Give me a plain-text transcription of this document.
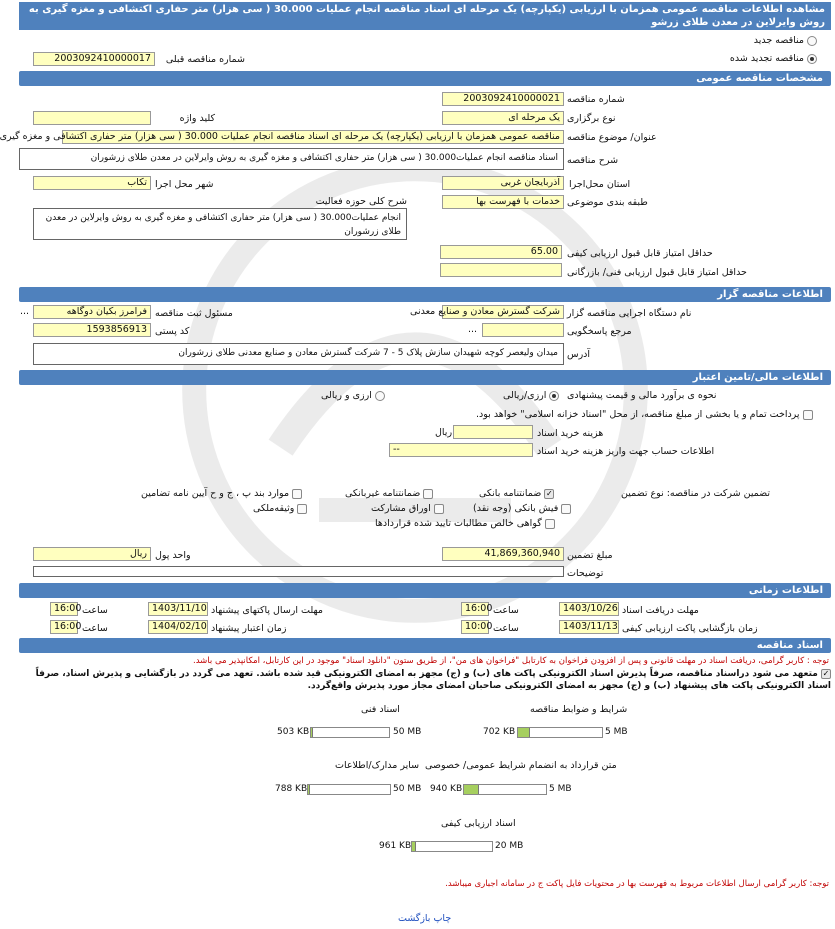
مشاهده اطلاعات مناقصه عمومی همزمان با ارزیابی (یکپارچه) یک مرحله ای اسناد مناقصه انجام عملیات 30.000 ( سی هزار) متر حفاری اکتشافی و مغزه گیری به روش وایرلاین در معدن طلای زرشو
مناقصه جدید
مناقصه تجدید شده
شماره مناقصه قبلی
2003092410000017
مشخصات مناقصه عمومی
شماره مناقصه
2003092410000021
نوع برگزاری
یک مرحله ای
کلید واژه
عنوان/ موضوع مناقصه
مناقصه عمومی همزمان با ارزیابی (یکپارچه) یک مرحله ای اسناد مناقصه انجام عملیات 30.000 ( سی هزار) متر حفاری اکتشافی و مغزه گیری
شرح مناقصه
اسناد مناقصه انجام عملیات30.000 ( سی هزار) متر حفاری اکتشافی و مغزه گیری به روش وایرلاین در معدن طلای زرشوران
استان محل‌اجرا
آذربایجان غربی
شهر محل اجرا
تکاب
طبقه بندی موضوعی
خدمات با فهرست بها
شرح کلی حوزه فعالیت
انجام عملیات30.000 ( سی هزار) متر حفاری اکتشافی و مغزه گیری به روش وایرلاین در معدن طلای زرشوران
حداقل امتیاز قابل قبول ارزیابی کیفی
65.00
حداقل امتیاز قابل قبول ارزیابی فنی/ بازرگانی
اطلاعات مناقصه گزار
نام دستگاه اجرایی مناقصه گزار
شرکت گسترش معادن و صنایع معدنی
مسئول ثبت مناقصه
فرامرز بکیان دوگاهه
...
مرجع پاسخگویی
...
کد پستی
1593856913
آدرس
میدان ولیعصر کوچه شهیدان سازش پلاک 5 - 7 شرکت گسترش معادن و صنایع معدنی طلای زرشوران
اطلاعات مالی/تامین اعتبار
نحوه ی برآورد مالی و قیمت پیشنهادی
ارزی/ریالی
ارزی و ریالی
پرداخت تمام و یا بخشی از مبلغ مناقصه، از محل "اسناد خزانه اسلامی" خواهد بود.
هزینه خرید اسناد
ریال
اطلاعات حساب جهت واریز هزینه خرید اسناد
--
تضمین شرکت در مناقصه: نوع تضمین
✓ ضمانتنامه بانکی
ضمانتنامه غیربانکی
موارد بند پ ، ج و ح آیین نامه تضامین
فیش بانکی (وجه نقد)
اوراق مشارکت
وثیقه‌ملکی
گواهی خالص مطالبات تایید شده قراردادها
مبلغ تضمین
41,869,360,940
واحد پول
ریال
توضیحات
اطلاعات زمانی
مهلت دریافت اسناد
1403/10/26
ساعت
16:00
مهلت ارسال پاکتهای پیشنهاد
1403/11/10
ساعت
16:00
زمان بازگشایی پاکت ارزیابی کیفی
1403/11/13
ساعت
10:00
زمان اعتبار پیشنهاد
1404/02/10
ساعت
16:00
اسناد مناقصه
توجه : کاربر گرامی، دریافت اسناد در مهلت قانونی و پس از افزودن فراخوان به کارتابل "فراخوان های من"، از طریق ستون "دانلود اسناد" موجود در این کارتابل، امکانپذیر می باشد.
✓ متعهد می شود دراسناد مناقصه، صرفاً پذیرش اسناد الکترونیکی پاکت های (ب) و (ج) مجهز به امضای الکترونیکی قید شده باشد. تعهد می گردد در بازگشایی و پذیرش اسناد، صرفاً اسناد الکترونیکی پاکت های پیشنهاد (ب) و (ج) مجهز به امضای الکترونیکی صاحبان امضای مجاز مورد پذیرش واقع‌گردد.
شرایط و ضوابط مناقصه
702 KB	5 MB
اسناد فنی
503 KB	50 MB
متن قرارداد به انضمام شرایط عمومی/ خصوصی
940 KB	5 MB
سایر مدارک/اطلاعات
788 KB	50 MB
اسناد ارزیابی کیفی
961 KB	20 MB
توجه: کاربر گرامی ارسال اطلاعات مربوط به فهرست بها در محتویات فایل پاکت ج در سامانه اجباری میباشد.
چاپ بازگشت
